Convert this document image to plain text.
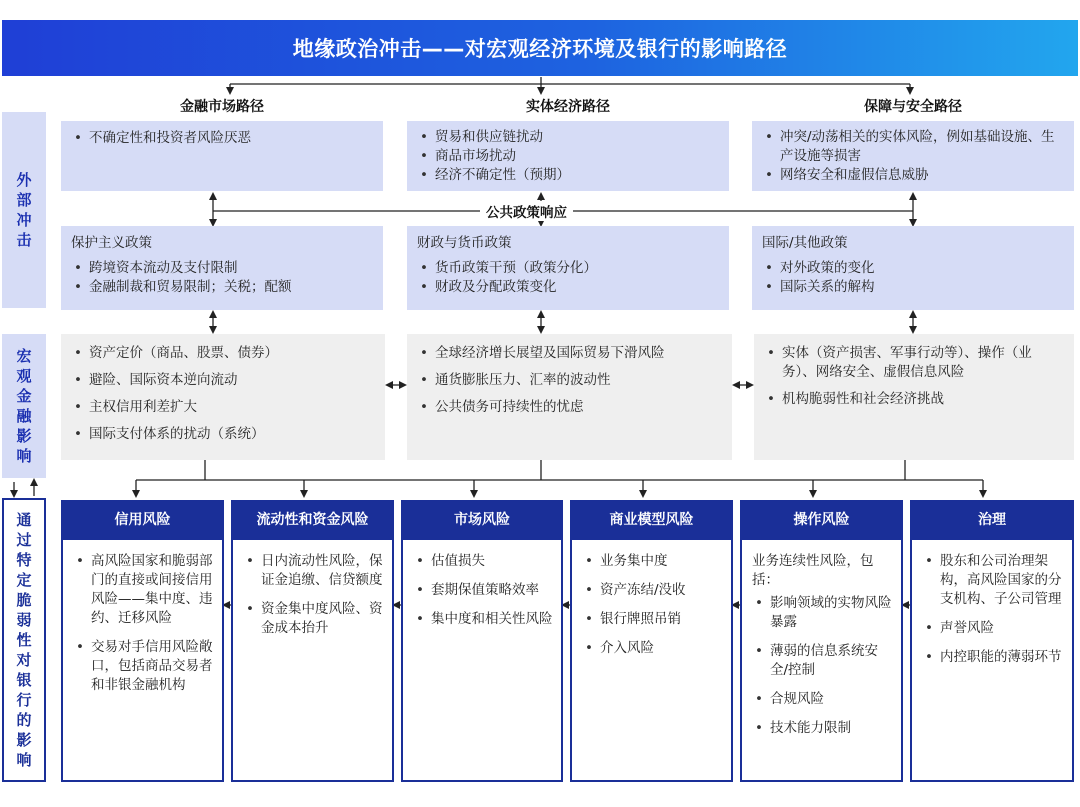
地缘政治冲击——对宏观经济环境及银行的影响路径
外部冲击
宏观金融影响
通过特定脆弱性对银行的影响
金融市场路径	实体经济路径	保障与安全路径
• 不确定性和投资者风险厌恶
•	贸易和供应链扰动
• 商品市场扰动
• 经济不确定性（预期）
• 冲突/动荡相关的实体风险，例如基础设施、生产设施等损害
• 网络安全和虚假信息威胁
公共政策响应
保护主义政策
• 跨境资本流动及支付限制
• 金融制裁和贸易限制；关税；配额
财政与货币政策
• 货币政策干预（政策分化）
• 财政及分配政策变化
国际/其他政策
• 对外政策的变化
• 国际关系的解构
• 资产定价（商品、股票、债券）
• 避险、国际资本逆向流动
• 主权信用利差扩大
• 国际支付体系的扰动（系统）
• 全球经济增长展望及国际贸易下滑风险
• 通货膨胀压力、汇率的波动性
• 公共债务可持续性的忧虑
• 实体（资产损害、军事行动等）、操作（业务）、网络安全、虚假信息风险
• 机构脆弱性和社会经济挑战
信用风险
• 高风险国家和脆弱部门的直接或间接信用风险——集中度、违约、迁移风险
• 交易对手信用风险敞口，包括商品交易者和非银金融机构
流动性和资金风险
• 日内流动性风险，保证金追缴、信贷额度
• 资金集中度风险、资金成本抬升
市场风险
• 估值损失
• 套期保值策略效率
• 集中度和相关性风险
商业模型风险
• 业务集中度
• 资产冻结/没收
• 银行牌照吊销
• 介入风险
操作风险
业务连续性风险，包括：
• 影响领域的实物风险暴露
• 薄弱的信息系统安全/控制
• 合规风险
• 技术能力限制
治理
• 股东和公司治理架构，高风险国家的分支机构、子公司管理
• 声誉风险
• 内控职能的薄弱环节
